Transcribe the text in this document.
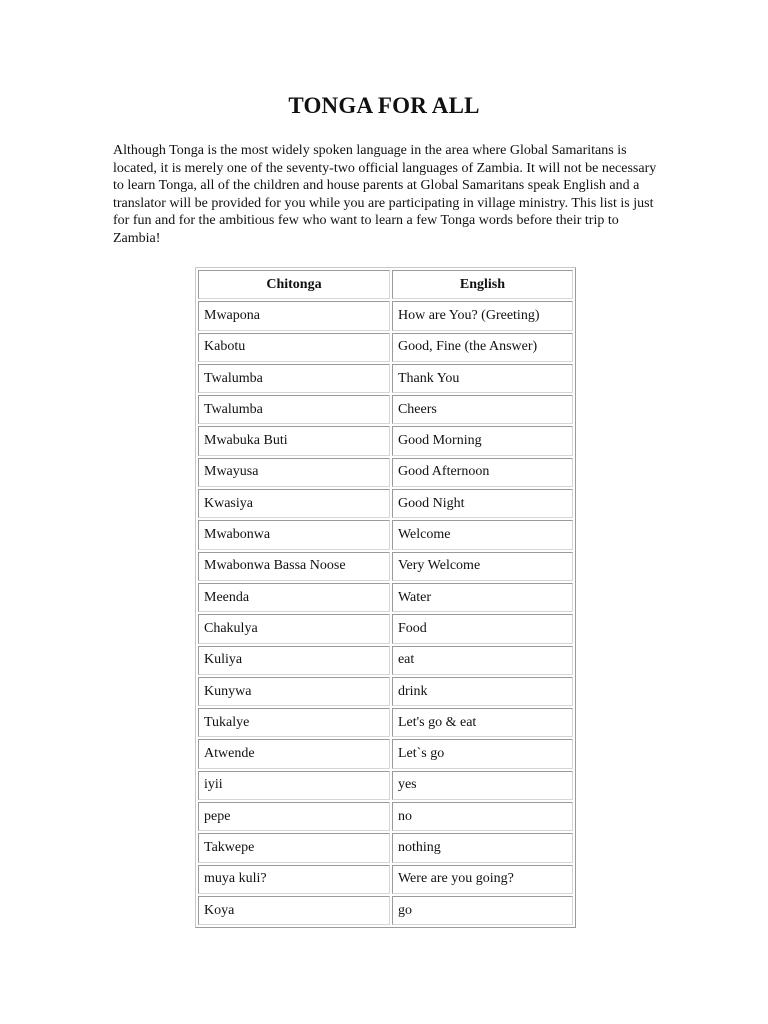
TONGA FOR ALL

Although Tonga is the most widely spoken language in the area where Global Samaritans is located, it is merely one of the seventy-two official languages of Zambia. It will not be necessary to learn Tonga, all of the children and house parents at Global Samaritans speak English and a translator will be provided for you while you are participating in village ministry. This list is just for fun and for the ambitious few who want to learn a few Tonga words before their trip to Zambia!

Chitonga	English
Mwapona	How are You? (Greeting)
Kabotu	Good, Fine (the Answer)
Twalumba	Thank You
Twalumba	Cheers
Mwabuka Buti	Good Morning
Mwayusa	Good Afternoon
Kwasiya	Good Night
Mwabonwa	Welcome
Mwabonwa Bassa Noose	Very Welcome
Meenda	Water
Chakulya	Food
Kuliya	eat
Kunywa	drink
Tukalye	Let's go & eat
Atwende	Let`s go
iyii	yes
pepe	no
Takwepe	nothing
muya kuli?	Were are you going?
Koya	go
